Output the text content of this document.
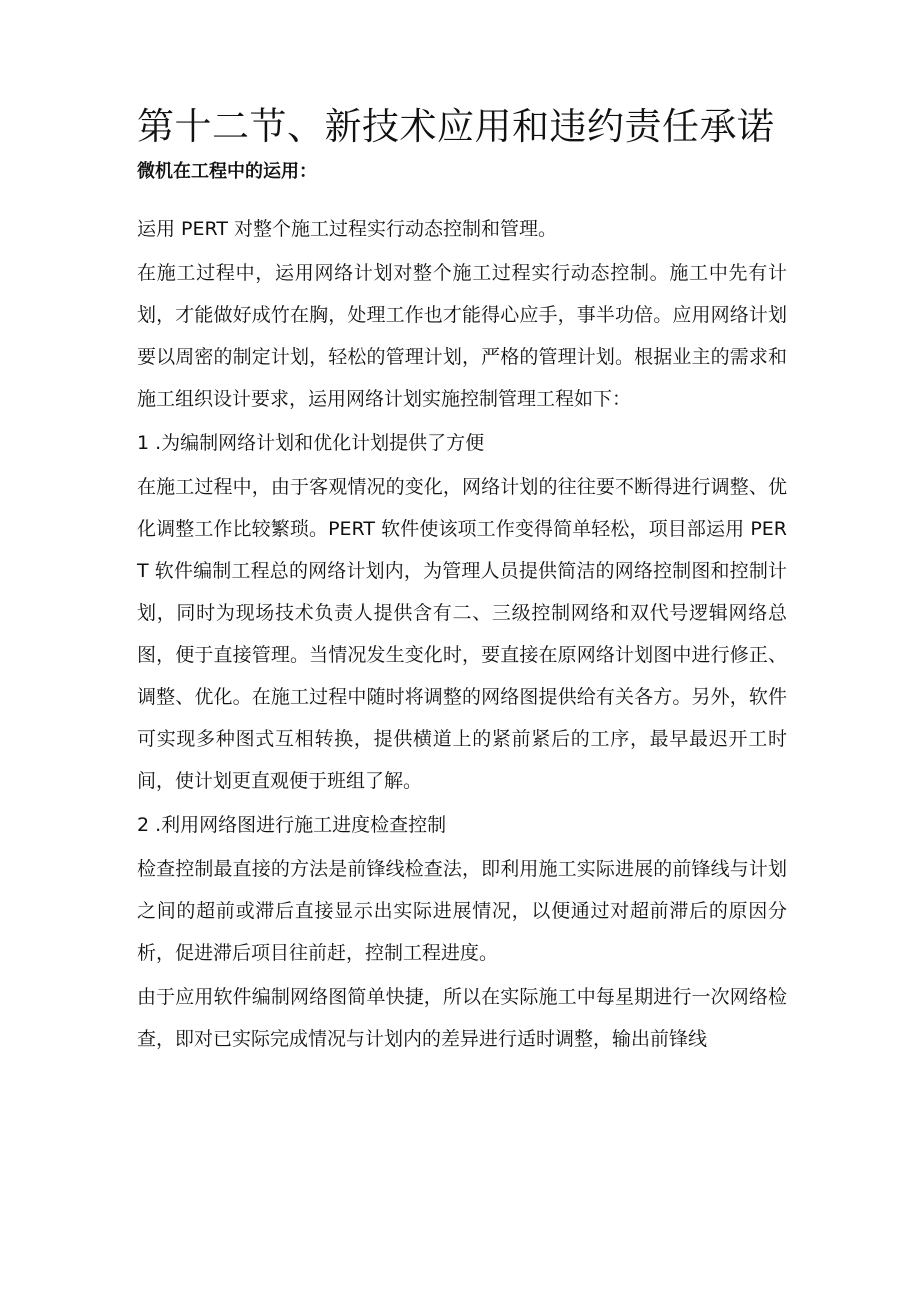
第十二节、新技术应用和违约责任承诺
微机在工程中的运用：

运用 PERT 对整个施工过程实行动态控制和管理。

在施工过程中，运用网络计划对整个施工过程实行动态控制。施工中先有计划，才能做好成竹在胸，处理工作也才能得心应手，事半功倍。应用网络计划要以周密的制定计划，轻松的管理计划，严格的管理计划。根据业主的需求和施工组织设计要求，运用网络计划实施控制管理工程如下：

1 .为编制网络计划和优化计划提供了方便

在施工过程中，由于客观情况的变化，网络计划的往往要不断得进行调整、优化调整工作比较繁琐。PERT 软件使该项工作变得简单轻松，项目部运用 PERT 软件编制工程总的网络计划内，为管理人员提供简洁的网络控制图和控制计划，同时为现场技术负责人提供含有二、三级控制网络和双代号逻辑网络总图，便于直接管理。当情况发生变化时，要直接在原网络计划图中进行修正、调整、优化。在施工过程中随时将调整的网络图提供给有关各方。另外，软件可实现多种图式互相转换，提供横道上的紧前紧后的工序，最早最迟开工时间，使计划更直观便于班组了解。

2 .利用网络图进行施工进度检查控制

检查控制最直接的方法是前锋线检查法，即利用施工实际进展的前锋线与计划之间的超前或滞后直接显示出实际进展情况，以便通过对超前滞后的原因分析，促进滞后项目往前赶，控制工程进度。

由于应用软件编制网络图简单快捷，所以在实际施工中每星期进行一次网络检查，即对已实际完成情况与计划内的差异进行适时调整，输出前锋线
